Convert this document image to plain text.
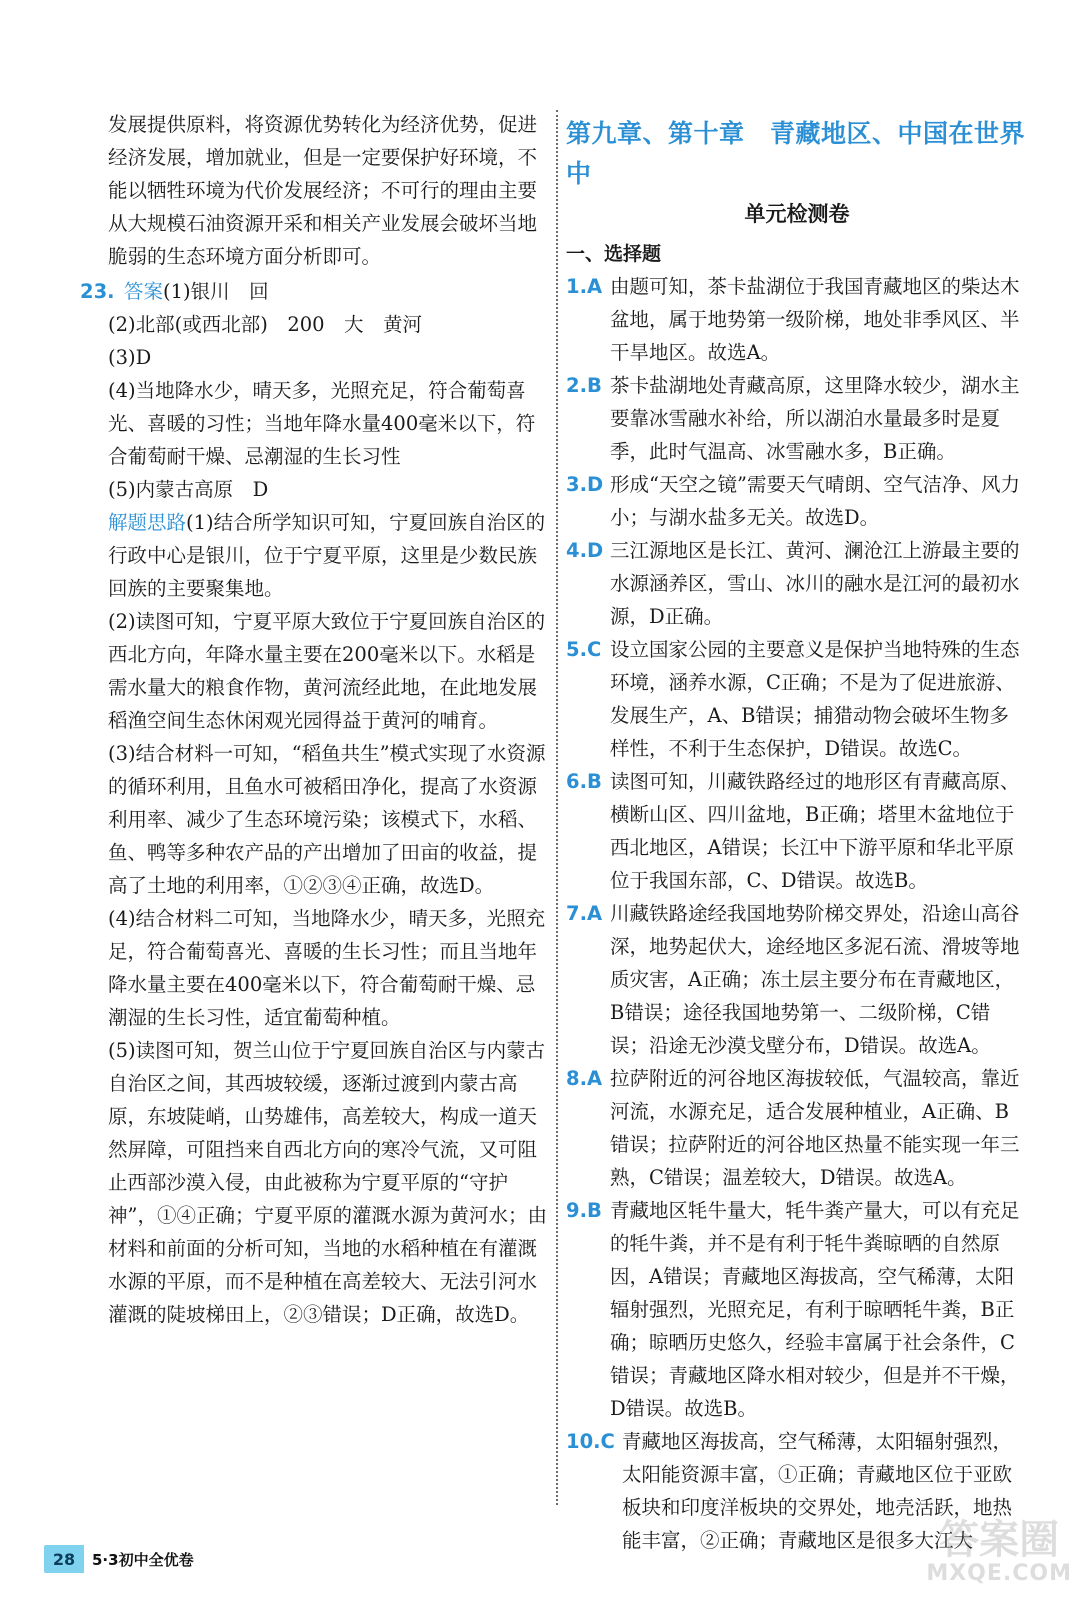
发展提供原料，将资源优势转化为经济优势，促进经济发展，增加就业，但是一定要保护好环境，不能以牺牲环境为代价发展经济；不可行的理由主要从大规模石油资源开采和相关产业发展会破坏当地脆弱的生态环境方面分析即可。

23. 答案(1)银川　回

(2)北部(或西北部)　200　大　黄河

(3)D

(4)当地降水少，晴天多，光照充足，符合葡萄喜光、喜暖的习性；当地年降水量400毫米以下，符合葡萄耐干燥、忌潮湿的生长习性

(5)内蒙古高原　D

解题思路(1)结合所学知识可知，宁夏回族自治区的行政中心是银川，位于宁夏平原，这里是少数民族回族的主要聚集地。

(2)读图可知，宁夏平原大致位于宁夏回族自治区的西北方向，年降水量主要在200毫米以下。水稻是需水量大的粮食作物，黄河流经此地，在此地发展稻渔空间生态休闲观光园得益于黄河的哺育。

(3)结合材料一可知，“稻鱼共生”模式实现了水资源的循环利用，且鱼水可被稻田净化，提高了水资源利用率、减少了生态环境污染；该模式下，水稻、鱼、鸭等多种农产品的产出增加了田亩的收益，提高了土地的利用率，①②③④正确，故选D。

(4)结合材料二可知，当地降水少，晴天多，光照充足，符合葡萄喜光、喜暖的生长习性；而且当地年降水量主要在400毫米以下，符合葡萄耐干燥、忌潮湿的生长习性，适宜葡萄种植。

(5)读图可知，贺兰山位于宁夏回族自治区与内蒙古自治区之间，其西坡较缓，逐渐过渡到内蒙古高原，东坡陡峭，山势雄伟，高差较大，构成一道天然屏障，可阻挡来自西北方向的寒冷气流，又可阻止西部沙漠入侵，由此被称为宁夏平原的“守护神”，①④正确；宁夏平原的灌溉水源为黄河水；由材料和前面的分析可知，当地的水稻种植在有灌溉水源的平原，而不是种植在高差较大、无法引河水灌溉的陡坡梯田上，②③错误；D正确，故选D。

第九章、第十章　青藏地区、中国在世界中
单元检测卷
一、选择题
1.A 由题可知，茶卡盐湖位于我国青藏地区的柴达木盆地，属于地势第一级阶梯，地处非季风区、半干旱地区。故选A。
2.B 茶卡盐湖地处青藏高原，这里降水较少，湖水主要靠冰雪融水补给，所以湖泊水量最多时是夏季，此时气温高、冰雪融水多，B正确。
3.D 形成“天空之镜”需要天气晴朗、空气洁净、风力小；与湖水盐多无关。故选D。
4.D 三江源地区是长江、黄河、澜沧江上游最主要的水源涵养区，雪山、冰川的融水是江河的最初水源，D正确。
5.C 设立国家公园的主要意义是保护当地特殊的生态环境，涵养水源，C正确；不是为了促进旅游、发展生产，A、B错误；捕猎动物会破坏生物多样性，不利于生态保护，D错误。故选C。
6.B 读图可知，川藏铁路经过的地形区有青藏高原、横断山区、四川盆地，B正确；塔里木盆地位于西北地区，A错误；长江中下游平原和华北平原位于我国东部，C、D错误。故选B。
7.A 川藏铁路途经我国地势阶梯交界处，沿途山高谷深，地势起伏大，途经地区多泥石流、滑坡等地质灾害，A正确；冻土层主要分布在青藏地区，B错误；途径我国地势第一、二级阶梯，C错误；沿途无沙漠戈壁分布，D错误。故选A。
8.A 拉萨附近的河谷地区海拔较低，气温较高，靠近河流，水源充足，适合发展种植业，A正确、B错误；拉萨附近的河谷地区热量不能实现一年三熟，C错误；温差较大，D错误。故选A。
9.B 青藏地区牦牛量大，牦牛粪产量大，可以有充足的牦牛粪，并不是有利于牦牛粪晾晒的自然原因，A错误；青藏地区海拔高，空气稀薄，太阳辐射强烈，光照充足，有利于晾晒牦牛粪，B正确；晾晒历史悠久，经验丰富属于社会条件，C错误；青藏地区降水相对较少，但是并不干燥，D错误。故选B。
10.C 青藏地区海拔高，空气稀薄，太阳辐射强烈，太阳能资源丰富，①正确；青藏地区位于亚欧板块和印度洋板块的交界处，地壳活跃，地热能丰富，②正确；青藏地区是很多大江大
28	5·3初中全优卷	答案圈
MXQE.COM
